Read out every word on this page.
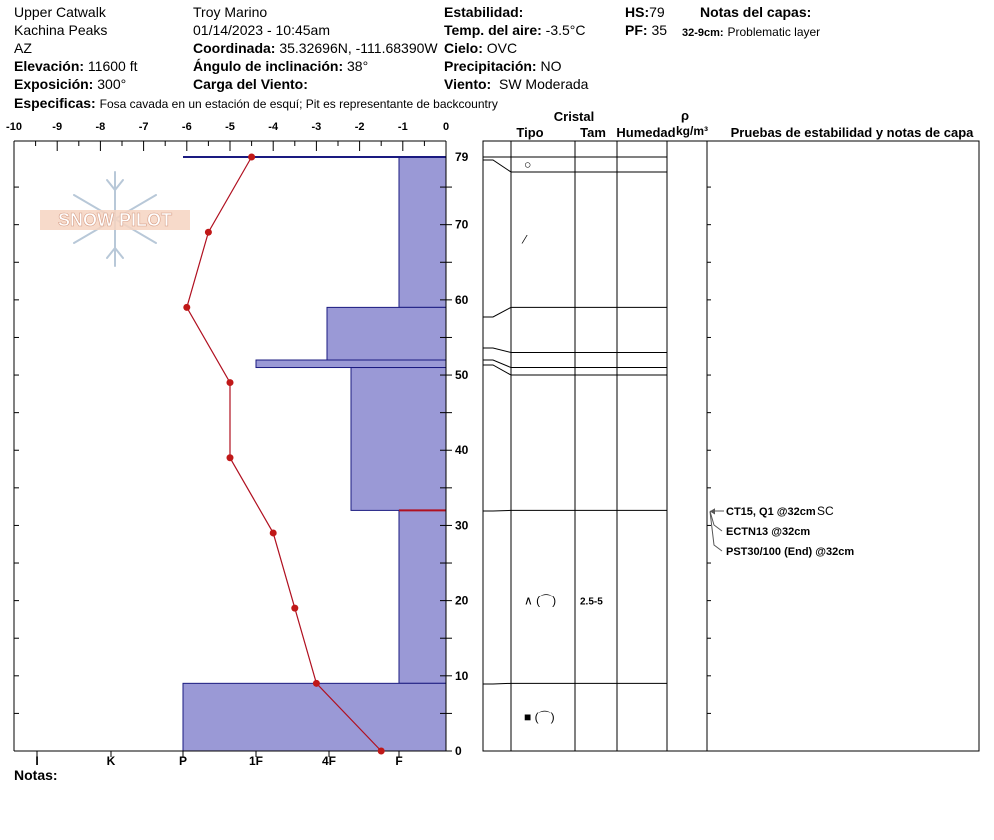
Upper Catwalk
Kachina Peaks
AZ
Elevación: 11600 ft
Exposición: 300°
Especificas: Fosa cavada en un estación de esquí; Pit es representante de backcountry
Troy Marino
01/14/2023 - 10:45am
Coordinada: 35.32696N, -111.68390W
Ángulo de inclinación: 38°
Carga del Viento:
Estabilidad:
Temp. del aire: -3.5°C
Cielo: OVC
Precipitación: NO
Viento: SW Moderada
HS:79
PF: 35
Notas del capas:
32-9cm: Problematic layer
SNOW PILOT
-10	-9	-8	-7	-6	-5	-4	-3	-2	-1	0
0
10
20
30
40
50
60
70
79
I	K	P	1F	4F	F
Cristal
Tipo	Tam Humedad
ρ
kg/m³ Pruebas de estabilidad y notas de capa
○
⁄
∧ (⌒) 2.5-5
■ (⌒)
CT15, Q1 @32cm SC
ECTN13 @32cm
PST30/100 (End) @32cm
Notas:
